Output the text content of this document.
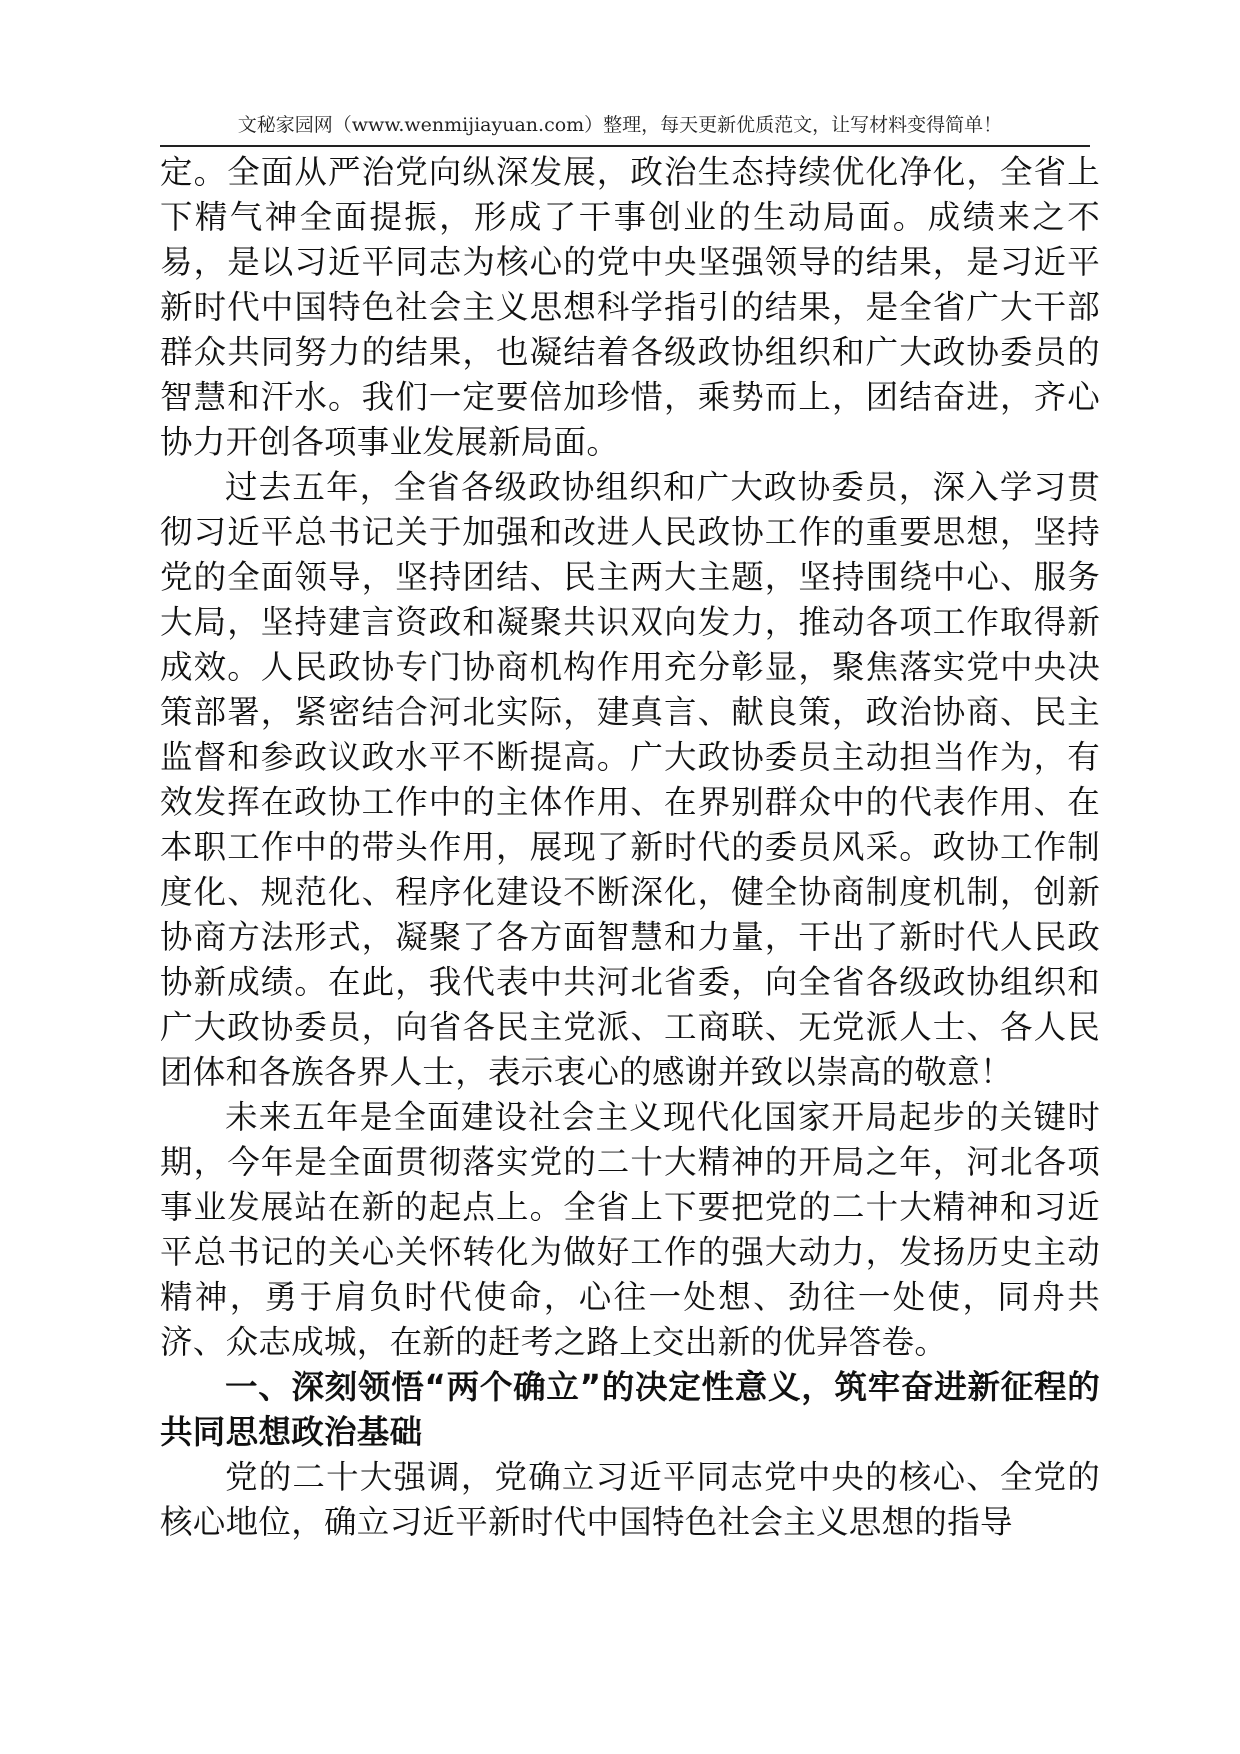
文秘家园网（www.wenmijiayuan.com）整理，每天更新优质范文，让写材料变得简单！

定。全面从严治党向纵深发展，政治生态持续优化净化，全省上下精气神全面提振，形成了干事创业的生动局面。成绩来之不易，是以习近平同志为核心的党中央坚强领导的结果，是习近平新时代中国特色社会主义思想科学指引的结果，是全省广大干部群众共同努力的结果，也凝结着各级政协组织和广大政协委员的智慧和汗水。我们一定要倍加珍惜，乘势而上，团结奋进，齐心协力开创各项事业发展新局面。

过去五年，全省各级政协组织和广大政协委员，深入学习贯彻习近平总书记关于加强和改进人民政协工作的重要思想，坚持党的全面领导，坚持团结、民主两大主题，坚持围绕中心、服务大局，坚持建言资政和凝聚共识双向发力，推动各项工作取得新成效。人民政协专门协商机构作用充分彰显，聚焦落实党中央决策部署，紧密结合河北实际，建真言、献良策，政治协商、民主监督和参政议政水平不断提高。广大政协委员主动担当作为，有效发挥在政协工作中的主体作用、在界别群众中的代表作用、在本职工作中的带头作用，展现了新时代的委员风采。政协工作制度化、规范化、程序化建设不断深化，健全协商制度机制，创新协商方法形式，凝聚了各方面智慧和力量，干出了新时代人民政协新成绩。在此，我代表中共河北省委，向全省各级政协组织和广大政协委员，向省各民主党派、工商联、无党派人士、各人民团体和各族各界人士，表示衷心的感谢并致以崇高的敬意！

未来五年是全面建设社会主义现代化国家开局起步的关键时期，今年是全面贯彻落实党的二十大精神的开局之年，河北各项事业发展站在新的起点上。全省上下要把党的二十大精神和习近平总书记的关心关怀转化为做好工作的强大动力，发扬历史主动精神，勇于肩负时代使命，心往一处想、劲往一处使，同舟共济、众志成城，在新的赶考之路上交出新的优异答卷。

一、深刻领悟“两个确立”的决定性意义，筑牢奋进新征程的共同思想政治基础

党的二十大强调，党确立习近平同志党中央的核心、全党的核心地位，确立习近平新时代中国特色社会主义思想的指导
